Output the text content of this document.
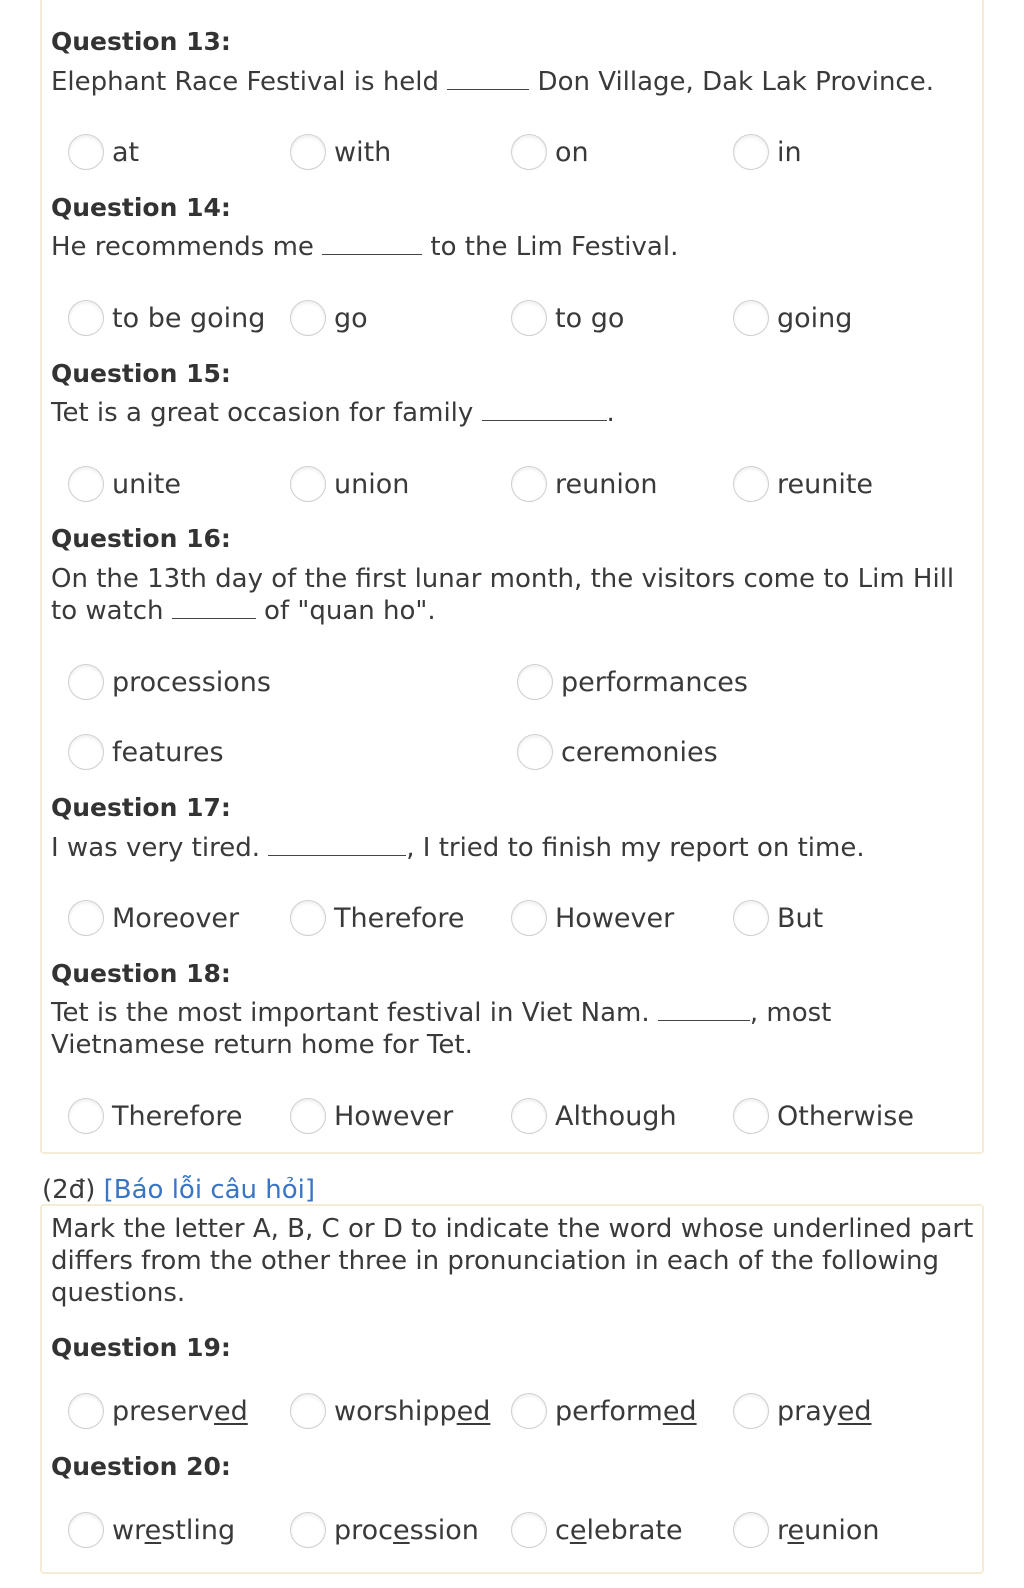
Question 13:

Elephant Race Festival is held	Don Village, Dak Lak Province.

at	with	on	in

Question 14:

He recommends me	to the Lim Festival.

to be going	go	to go	going

Question 15:

Tet is a great occasion for family	.

unite	union	reunion	reunite

Question 16:

On the 13th day of the first lunar month, the visitors come to Lim Hill
to watch	of "quan ho".

processions	performances
features	ceremonies

Question 17:

I was very tired.	, I tried to finish my report on time.

Moreover	Therefore	However	But

Question 18:

Tet is the most important festival in Viet Nam.	, most
Vietnamese return home for Tet.

Therefore	However	Although	Otherwise

(2đ) [Báo lỗi câu hỏi]

Mark the letter A, B, C or D to indicate the word whose underlined part differs from the other three in pronunciation in each of the following questions.

Question 19:

preserved	worshipped performed	prayed

Question 20:

wrestling	procession	celebrate	reunion
